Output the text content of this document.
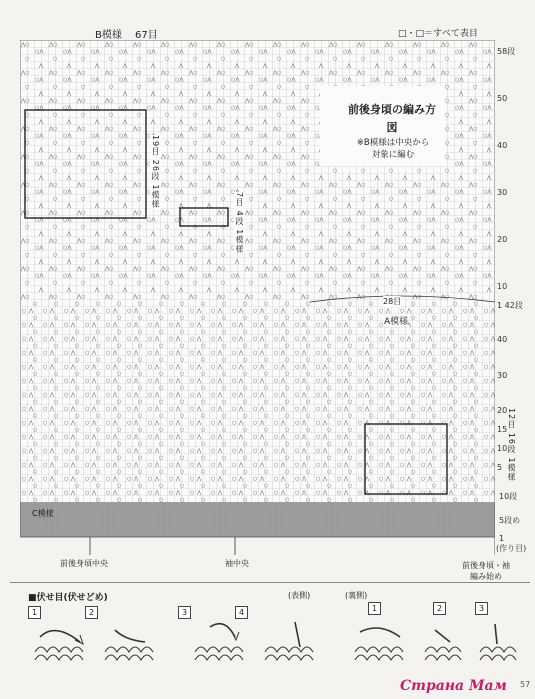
B模様 67目	□・□＝すべて表目
58段
前後身頃の編み方図
※B模様は中央から
対象に編む
19目 26段 1模様
7目 4段 1模様
28目
A模様
12目 16段 1模様
C模様
50
40
30
20
10
1 42段
40
30
20
15
10
5
10段
5段め
1
(作り目)
前後身頃中央	袖中央	前後身頃・袖
編み始め
■伏せ目(伏せどめ)	(表側)	(裏側)
1	2	3	4	1	2	3
Страна Мам 57
